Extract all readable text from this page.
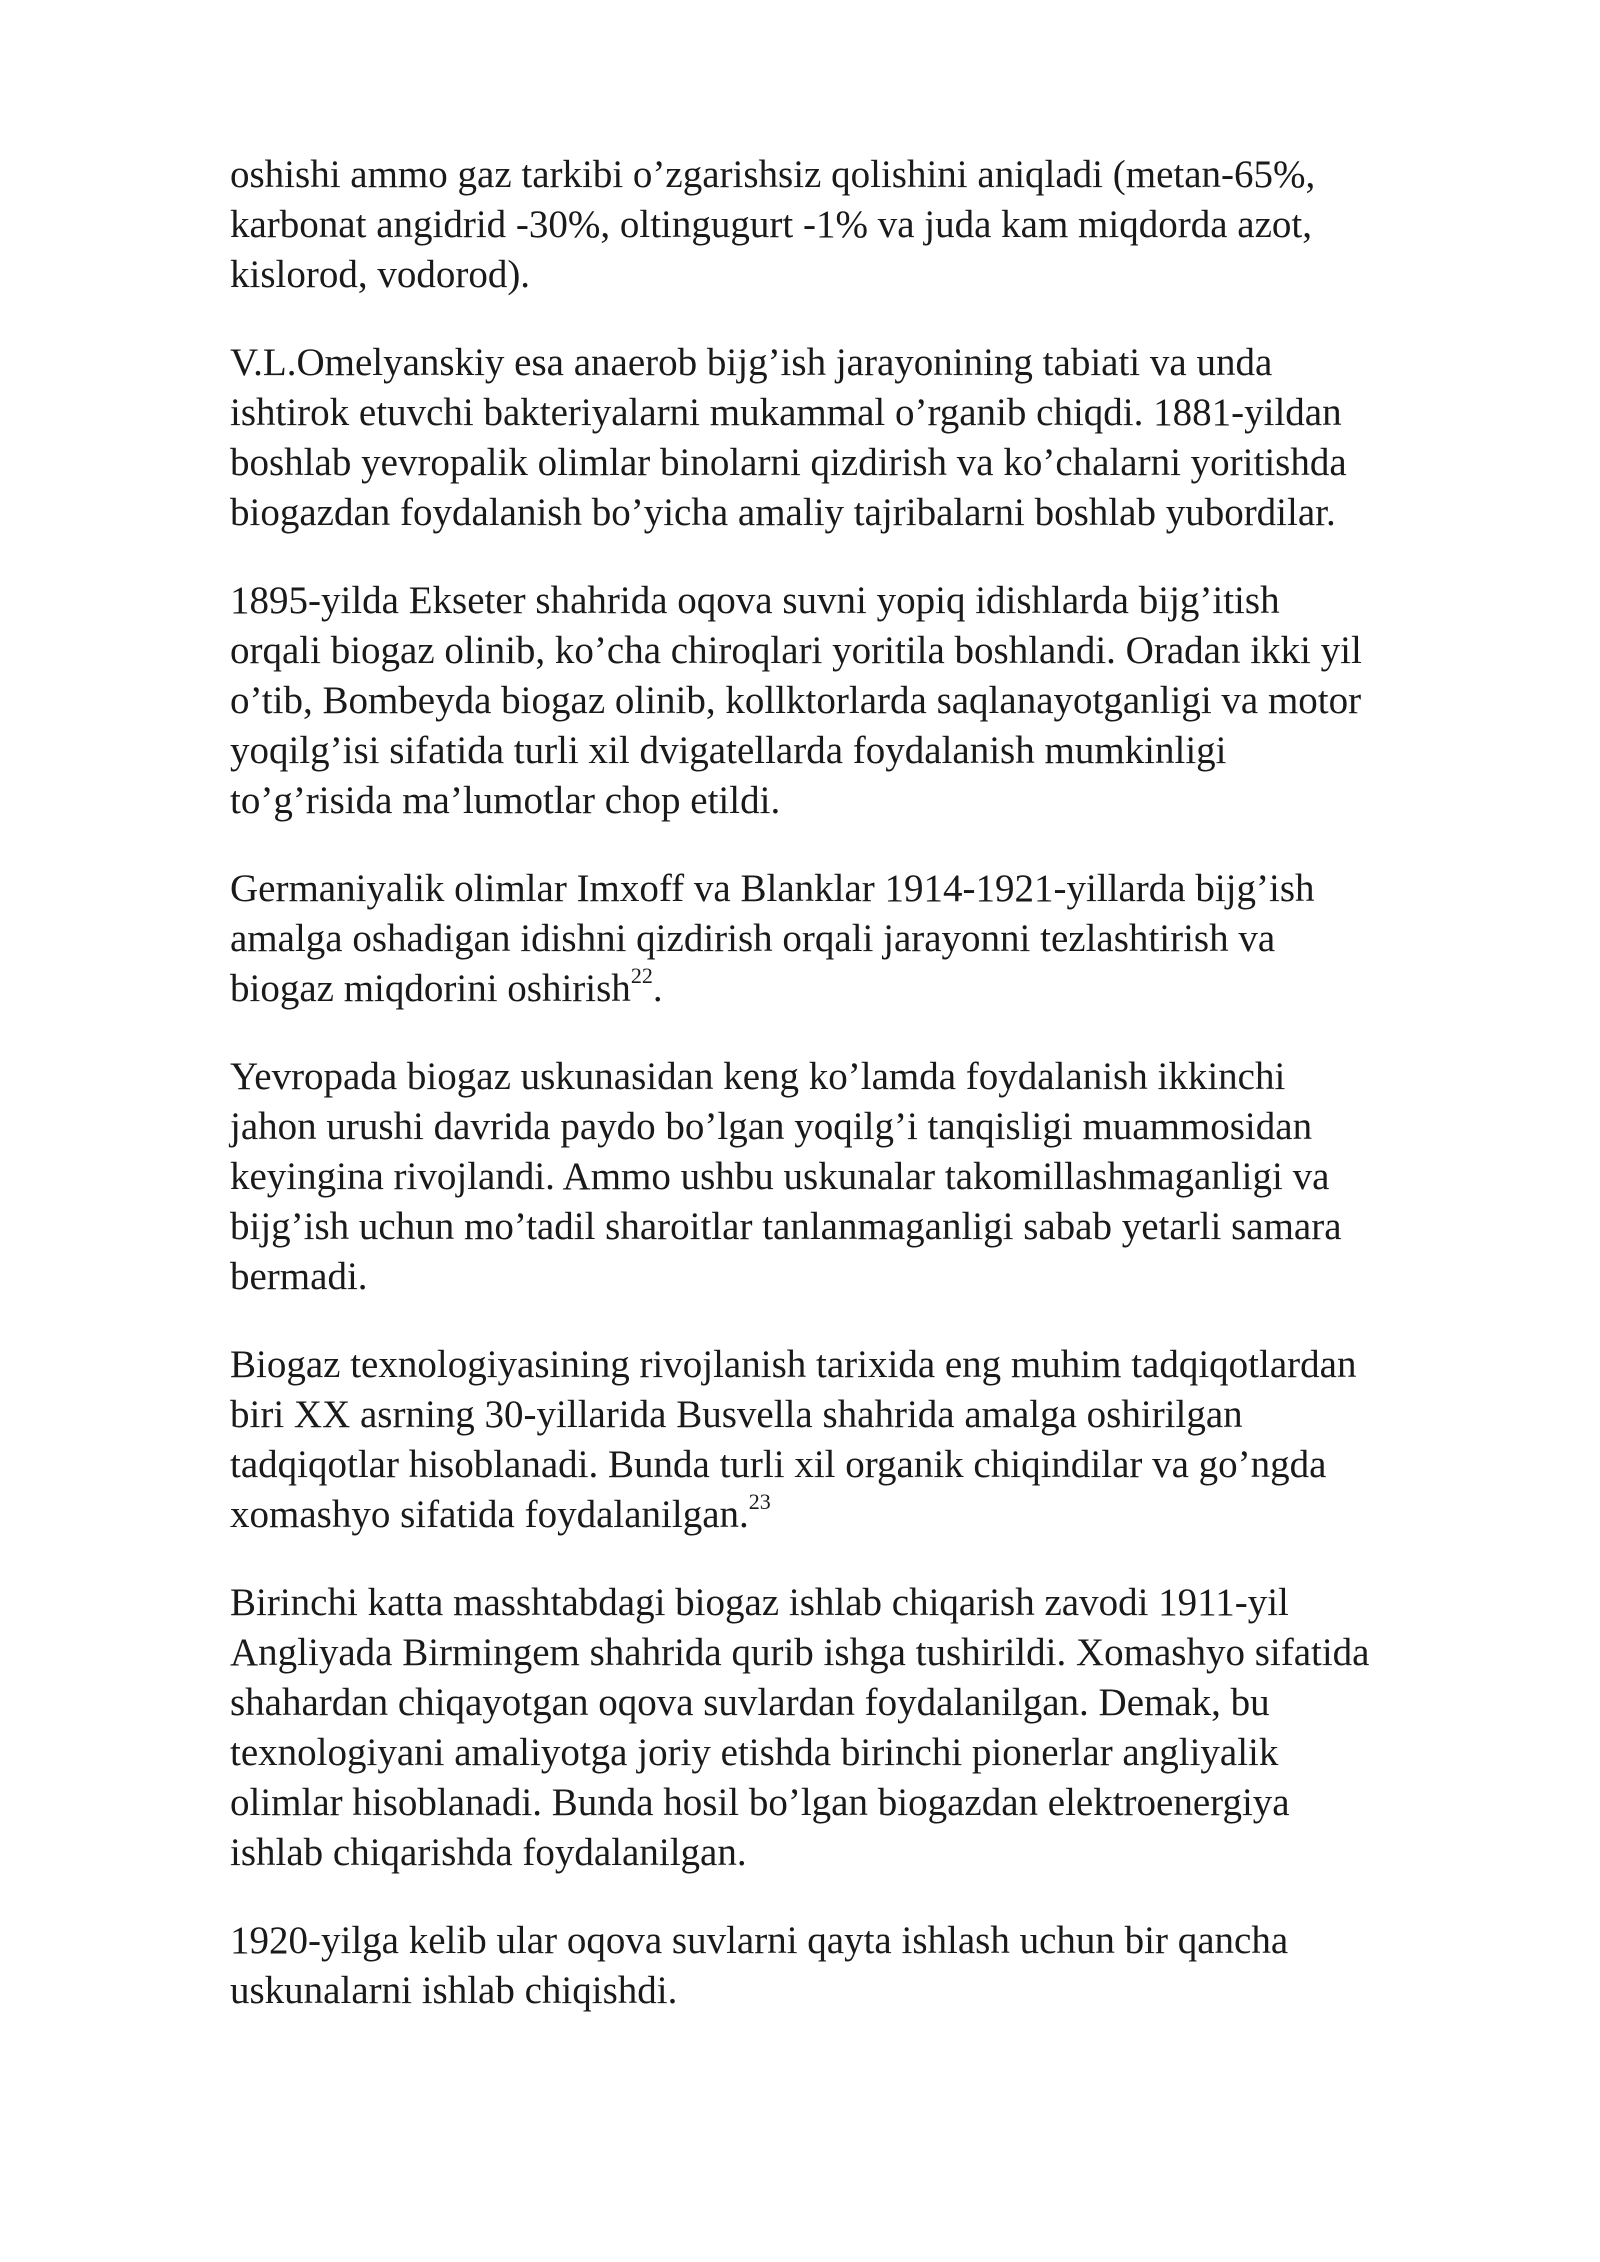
oshishi ammo gaz tarkibi o’zgarishsiz qolishini aniqladi (metan-65%,
karbonat angidrid -30%, oltingugurt -1% va juda kam miqdorda azot,
kislorod, vodorod).

V.L.Omelyanskiy esa anaerob bijg’ish jarayonining tabiati va unda
ishtirok etuvchi bakteriyalarni mukammal o’rganib chiqdi. 1881-yildan
boshlab yevropalik olimlar binolarni qizdirish va ko’chalarni yoritishda
biogazdan foydalanish bo’yicha amaliy tajribalarni boshlab yubordilar.

1895-yilda Ekseter shahrida oqova suvni yopiq idishlarda bijg’itish
orqali biogaz olinib, ko’cha chiroqlari yoritila boshlandi. Oradan ikki yil
o’tib, Bombeyda biogaz olinib, kollktorlarda saqlanayotganligi va motor
yoqilg’isi sifatida turli xil dvigatellarda foydalanish mumkinligi
to’g’risida ma’lumotlar chop etildi.

Germaniyalik olimlar Imxoff va Blanklar 1914-1921-yillarda bijg’ish
amalga oshadigan idishni qizdirish orqali jarayonni tezlashtirish va
biogaz miqdorini oshirish$^{22}$.

Yevropada biogaz uskunasidan keng ko’lamda foydalanish ikkinchi
jahon urushi davrida paydo bo’lgan yoqilg’i tanqisligi muammosidan
keyingina rivojlandi. Ammo ushbu uskunalar takomillashmaganligi va
bijg’ish uchun mo’tadil sharoitlar tanlanmaganligi sabab yetarli samara
bermadi.

Biogaz texnologiyasining rivojlanish tarixida eng muhim tadqiqotlardan
biri XX asrning 30-yillarida Busvella shahrida amalga oshirilgan
tadqiqotlar hisoblanadi. Bunda turli xil organik chiqindilar va go’ngda
xomashyo sifatida foydalanilgan.$^{23}$

Birinchi katta masshtabdagi biogaz ishlab chiqarish zavodi 1911-yil
Angliyada Birmingem shahrida qurib ishga tushirildi. Xomashyo sifatida
shahardan chiqayotgan oqova suvlardan foydalanilgan. Demak, bu
texnologiyani amaliyotga joriy etishda birinchi pionerlar angliyalik
olimlar hisoblanadi. Bunda hosil bo’lgan biogazdan elektroenergiya
ishlab chiqarishda foydalanilgan.

1920-yilga kelib ular oqova suvlarni qayta ishlash uchun bir qancha
uskunalarni ishlab chiqishdi.
